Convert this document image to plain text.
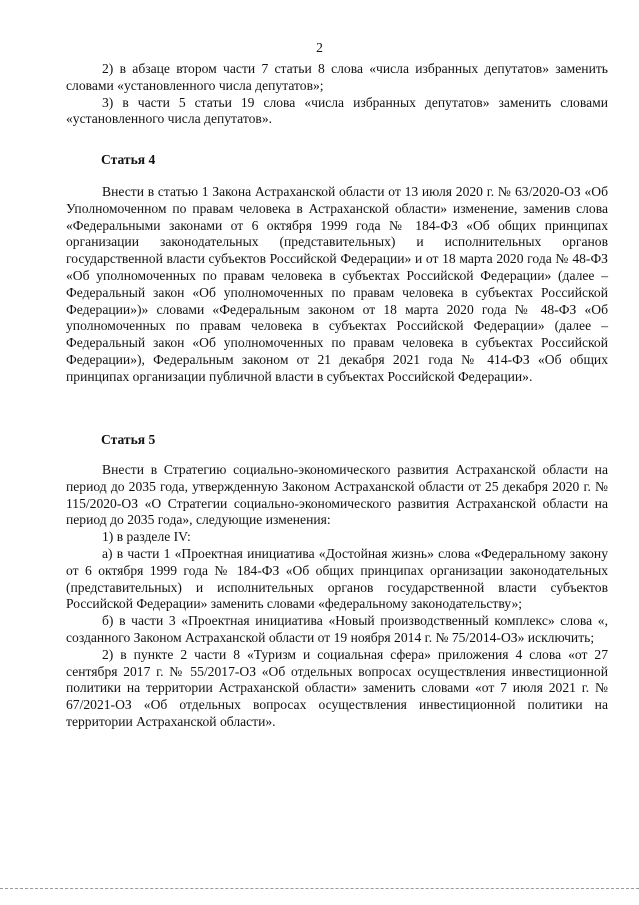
2

2) в абзаце втором части 7 статьи 8 слова «числа избранных депутатов» заменить словами «установленного числа депутатов»;

3) в части 5 статьи 19 слова «числа избранных депутатов» заменить словами «установленного числа депутатов».

Статья 4

Внести в статью 1 Закона Астраханской области от 13 июля 2020 г. № 63/2020-ОЗ «Об Уполномоченном по правам человека в Астраханской области» изменение, заменив слова «Федеральными законами от 6 октября 1999 года № 184-ФЗ «Об общих принципах организации законодательных (представительных) и исполнительных органов государственной власти субъектов Российской Федерации» и от 18 марта 2020 года № 48-ФЗ «Об уполномоченных по правам человека в субъектах Российской Федерации» (далее – Федеральный закон «Об уполномоченных по правам человека в субъектах Российской Федерации»)» словами «Федеральным законом от 18 марта 2020 года № 48-ФЗ «Об уполномоченных по правам человека в субъектах Российской Федерации» (далее – Федеральный закон «Об уполномоченных по правам человека в субъектах Российской Федерации»), Федеральным законом от 21 декабря 2021 года № 414-ФЗ «Об общих принципах организации публичной власти в субъектах Российской Федерации».

Статья 5

Внести в Стратегию социально-экономического развития Астраханской области на период до 2035 года, утвержденную Законом Астраханской области от 25 декабря 2020 г. № 115/2020-ОЗ «О Стратегии социально-экономического развития Астраханской области на период до 2035 года», следующие изменения:

1) в разделе IV:

а) в части 1 «Проектная инициатива «Достойная жизнь» слова «Федеральному закону от 6 октября 1999 года № 184-ФЗ «Об общих принципах организации законодательных (представительных) и исполнительных органов государственной власти субъектов Российской Федерации» заменить словами «федеральному законодательству»;

б) в части 3 «Проектная инициатива «Новый производственный комплекс» слова «, созданного Законом Астраханской области от 19 ноября 2014 г. № 75/2014-ОЗ» исключить;

2) в пункте 2 части 8 «Туризм и социальная сфера» приложения 4 слова «от 27 сентября 2017 г. № 55/2017-ОЗ «Об отдельных вопросах осуществления инвестиционной политики на территории Астраханской области» заменить словами «от 7 июля 2021 г. № 67/2021-ОЗ «Об отдельных вопросах осуществления инвестиционной политики на территории Астраханской области».
